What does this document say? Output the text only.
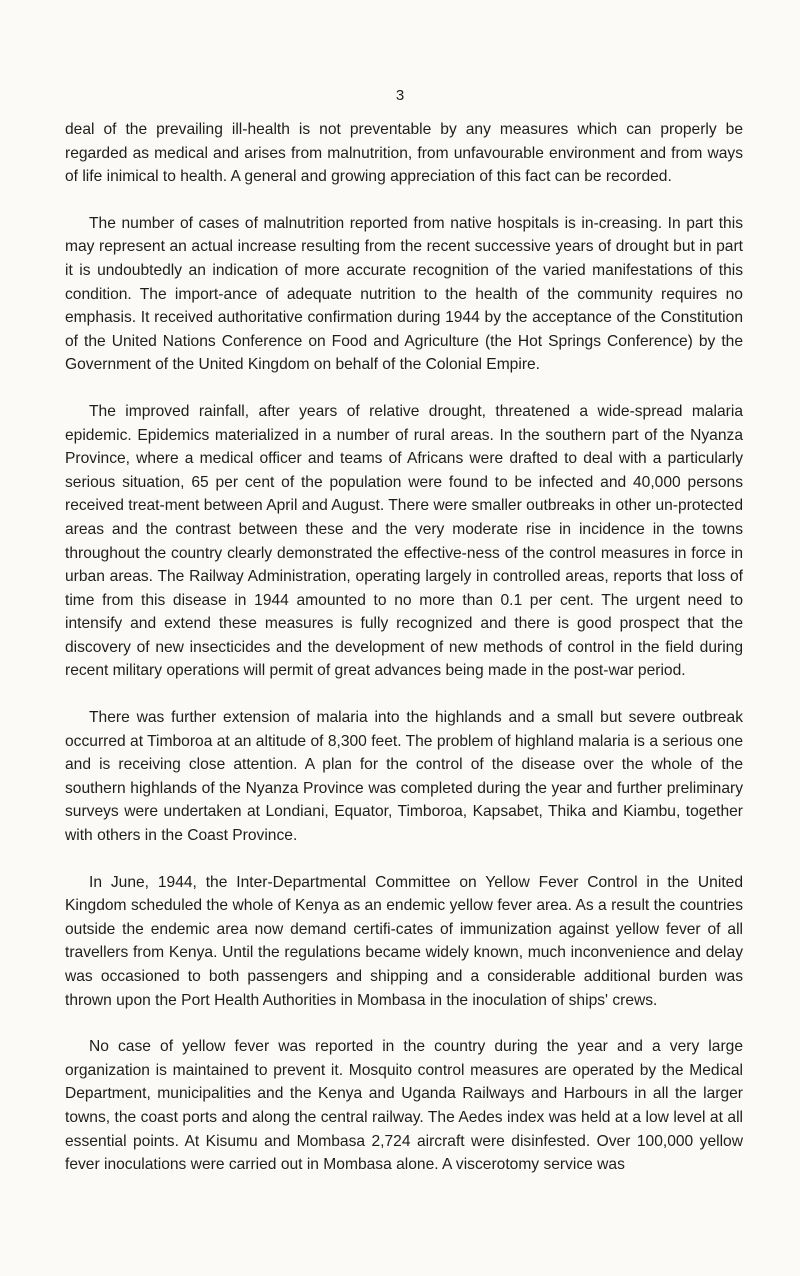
3

deal of the prevailing ill-health is not preventable by any measures which can properly be regarded as medical and arises from malnutrition, from unfavourable environment and from ways of life inimical to health. A general and growing appreciation of this fact can be recorded.

The number of cases of malnutrition reported from native hospitals is in-creasing. In part this may represent an actual increase resulting from the recent successive years of drought but in part it is undoubtedly an indication of more accurate recognition of the varied manifestations of this condition. The import-ance of adequate nutrition to the health of the community requires no emphasis. It received authoritative confirmation during 1944 by the acceptance of the Constitution of the United Nations Conference on Food and Agriculture (the Hot Springs Conference) by the Government of the United Kingdom on behalf of the Colonial Empire.

The improved rainfall, after years of relative drought, threatened a wide-spread malaria epidemic. Epidemics materialized in a number of rural areas. In the southern part of the Nyanza Province, where a medical officer and teams of Africans were drafted to deal with a particularly serious situation, 65 per cent of the population were found to be infected and 40,000 persons received treat-ment between April and August. There were smaller outbreaks in other un-protected areas and the contrast between these and the very moderate rise in incidence in the towns throughout the country clearly demonstrated the effective-ness of the control measures in force in urban areas. The Railway Administration, operating largely in controlled areas, reports that loss of time from this disease in 1944 amounted to no more than 0.1 per cent. The urgent need to intensify and extend these measures is fully recognized and there is good prospect that the discovery of new insecticides and the development of new methods of control in the field during recent military operations will permit of great advances being made in the post-war period.

There was further extension of malaria into the highlands and a small but severe outbreak occurred at Timboroa at an altitude of 8,300 feet. The problem of highland malaria is a serious one and is receiving close attention. A plan for the control of the disease over the whole of the southern highlands of the Nyanza Province was completed during the year and further preliminary surveys were undertaken at Londiani, Equator, Timboroa, Kapsabet, Thika and Kiambu, together with others in the Coast Province.

In June, 1944, the Inter-Departmental Committee on Yellow Fever Control in the United Kingdom scheduled the whole of Kenya as an endemic yellow fever area. As a result the countries outside the endemic area now demand certifi-cates of immunization against yellow fever of all travellers from Kenya. Until the regulations became widely known, much inconvenience and delay was occasioned to both passengers and shipping and a considerable additional burden was thrown upon the Port Health Authorities in Mombasa in the inoculation of ships' crews.

No case of yellow fever was reported in the country during the year and a very large organization is maintained to prevent it. Mosquito control measures are operated by the Medical Department, municipalities and the Kenya and Uganda Railways and Harbours in all the larger towns, the coast ports and along the central railway. The Aedes index was held at a low level at all essential points. At Kisumu and Mombasa 2,724 aircraft were disinfested. Over 100,000 yellow fever inoculations were carried out in Mombasa alone. A viscerotomy service was
